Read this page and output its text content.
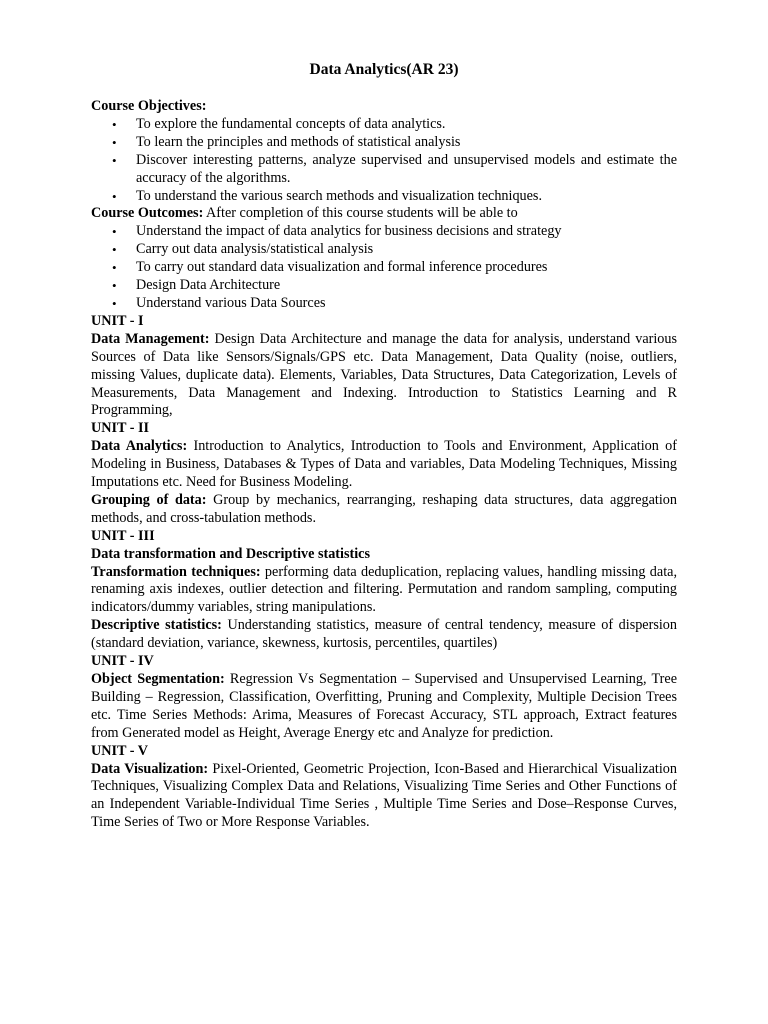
Data Analytics(AR 23)
Course Objectives:
• To explore the fundamental concepts of data analytics.
• To learn the principles and methods of statistical analysis
• Discover interesting patterns, analyze supervised and unsupervised models and estimate the accuracy of the algorithms.
• To understand the various search methods and visualization techniques.

Course Outcomes: After completion of this course students will be able to

• Understand the impact of data analytics for business decisions and strategy
• Carry out data analysis/statistical analysis
• To carry out standard data visualization and formal inference procedures
• Design Data Architecture
• Understand various Data Sources
UNIT - I

Data Management: Design Data Architecture and manage the data for analysis, understand various Sources of Data like Sensors/Signals/GPS etc. Data Management, Data Quality (noise, outliers, missing Values, duplicate data). Elements, Variables, Data Structures, Data Categorization, Levels of Measurements, Data Management and Indexing. Introduction to Statistics Learning and R Programming,

UNIT - II

Data Analytics: Introduction to Analytics, Introduction to Tools and Environment, Application of Modeling in Business, Databases & Types of Data and variables, Data Modeling Techniques, Missing Imputations etc. Need for Business Modeling.

Grouping of data: Group by mechanics, rearranging, reshaping data structures, data aggregation methods, and cross-tabulation methods.

UNIT - III
Data transformation and Descriptive statistics

Transformation techniques: performing data deduplication, replacing values, handling missing data, renaming axis indexes, outlier detection and filtering. Permutation and random sampling, computing indicators/dummy variables, string manipulations.

Descriptive statistics: Understanding statistics, measure of central tendency, measure of dispersion (standard deviation, variance, skewness, kurtosis, percentiles, quartiles)

UNIT - IV

Object Segmentation: Regression Vs Segmentation – Supervised and Unsupervised Learning, Tree Building – Regression, Classification, Overfitting, Pruning and Complexity, Multiple Decision Trees etc. Time Series Methods: Arima, Measures of Forecast Accuracy, STL approach, Extract features from Generated model as Height, Average Energy etc and Analyze for prediction.

UNIT - V

Data Visualization: Pixel-Oriented, Geometric Projection, Icon-Based and Hierarchical Visualization Techniques, Visualizing Complex Data and Relations, Visualizing Time Series and Other Functions of an Independent Variable-Individual Time Series , Multiple Time Series and Dose–Response Curves, Time Series of Two or More Response Variables.
